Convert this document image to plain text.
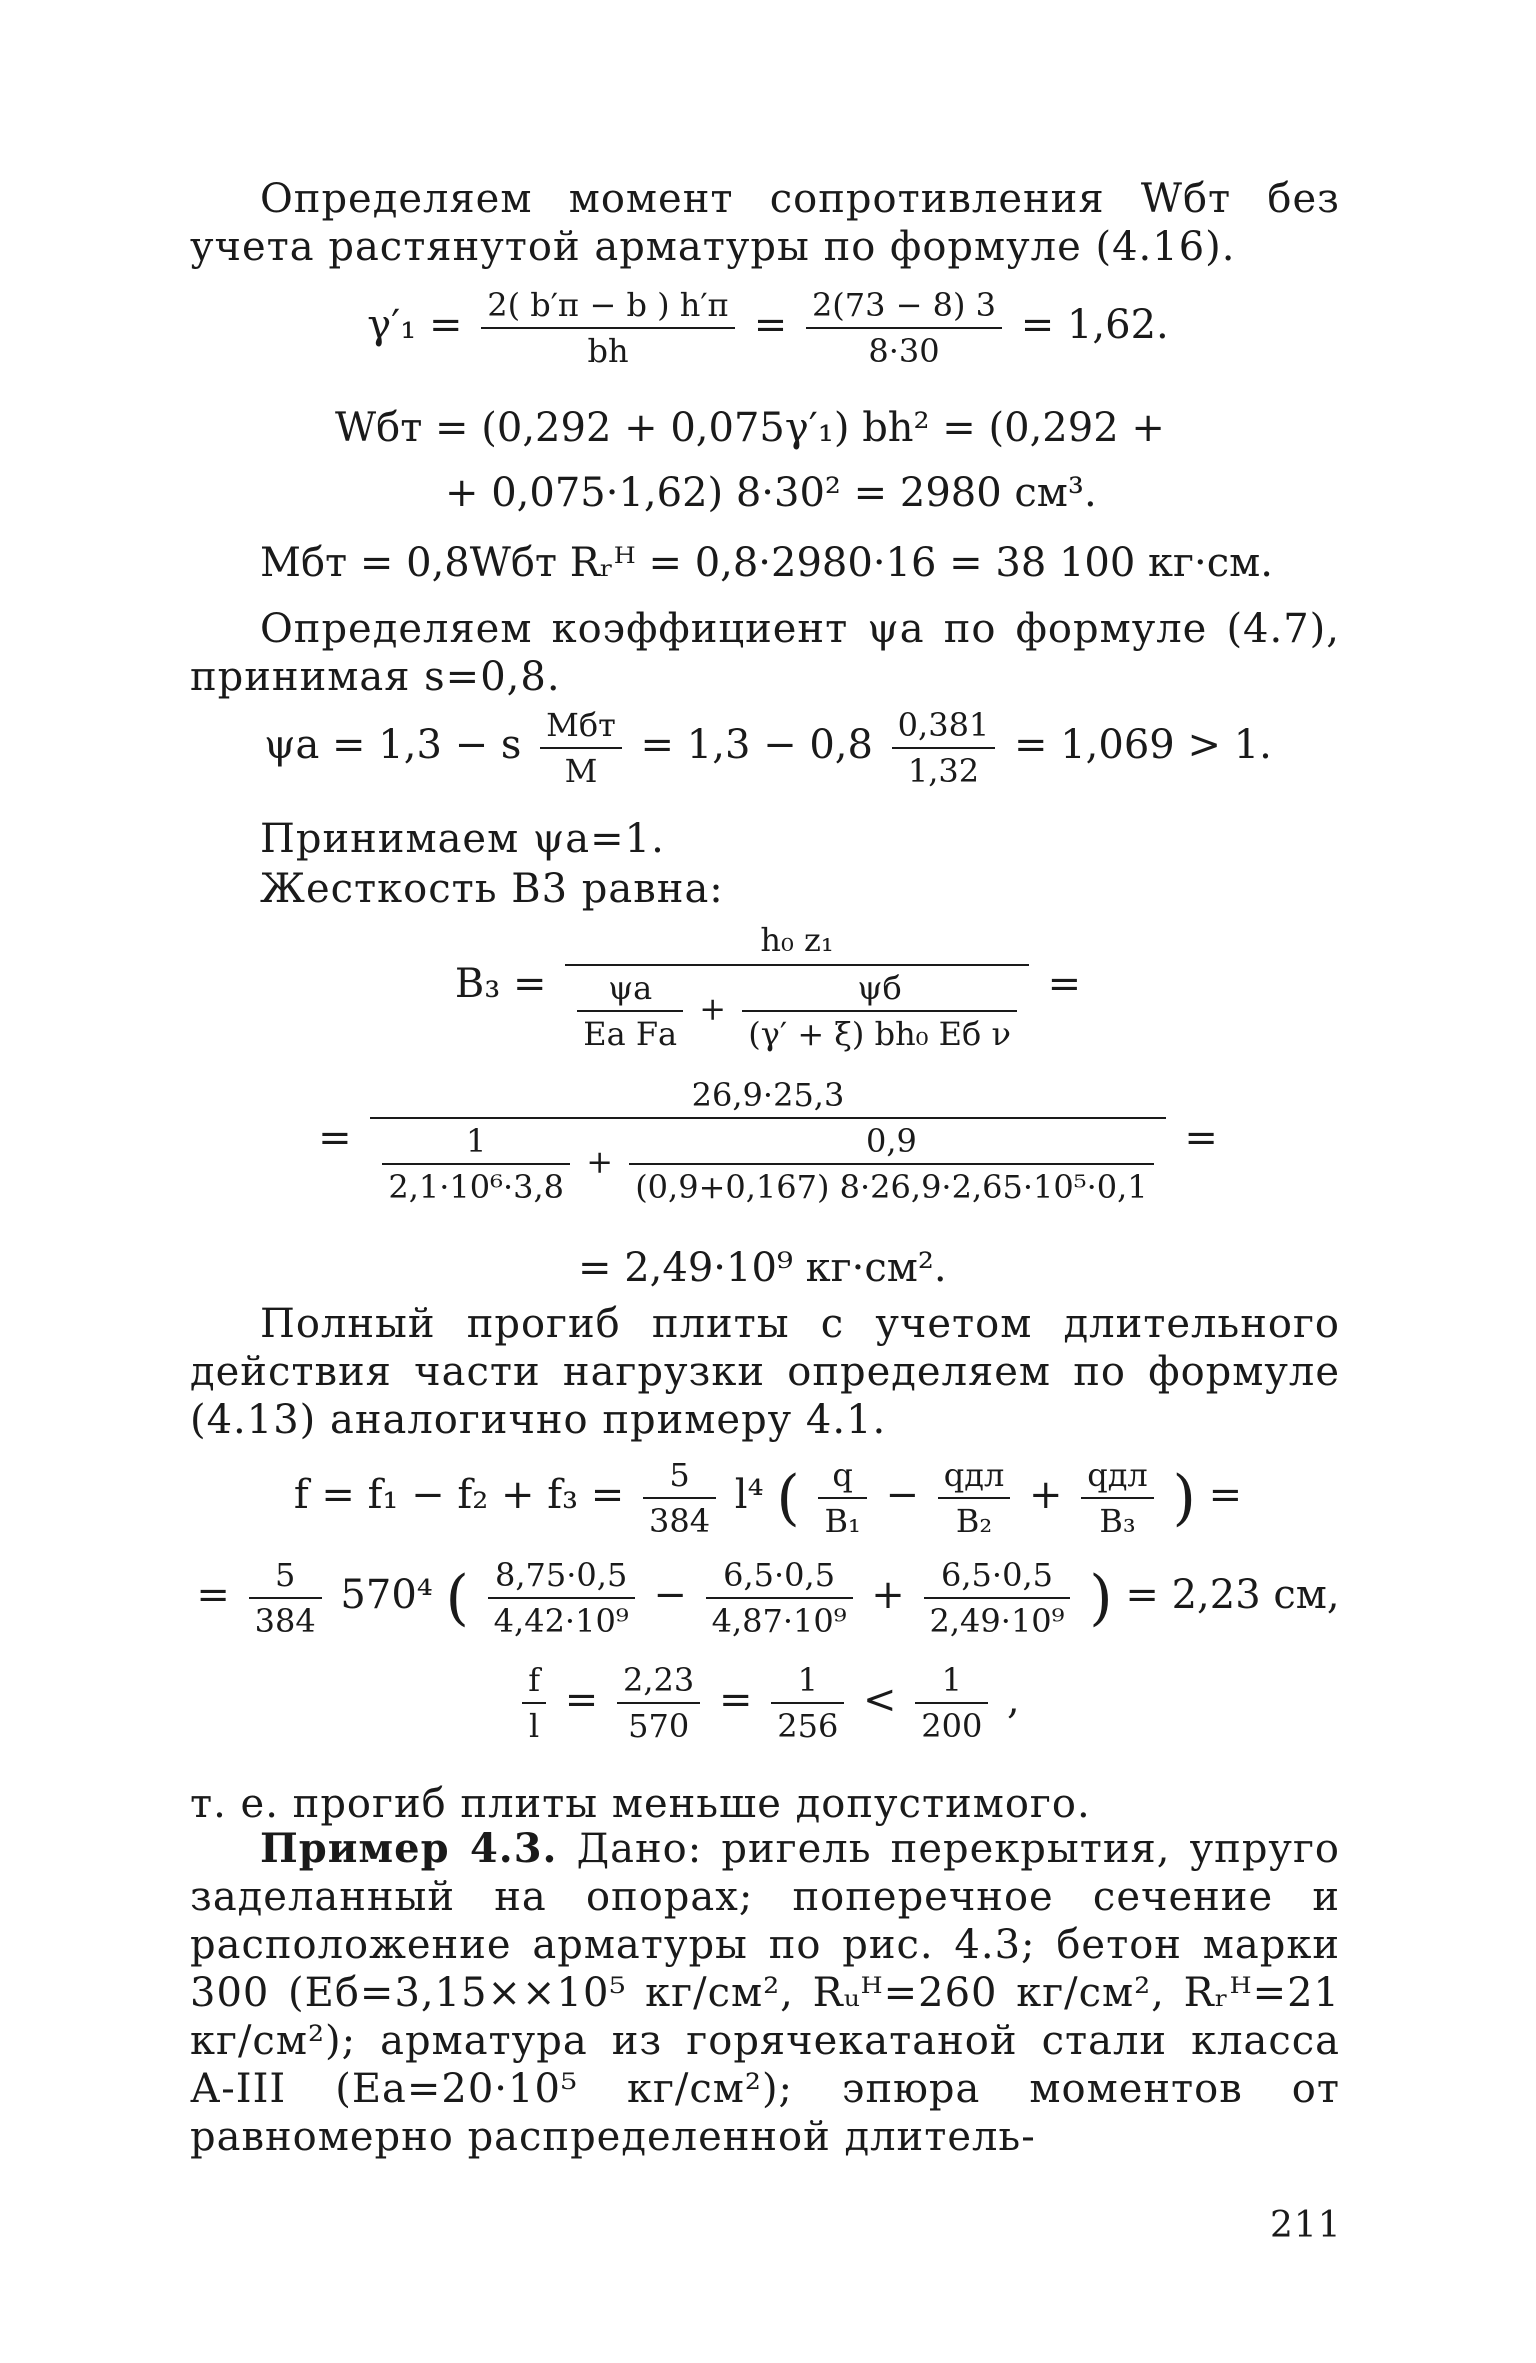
Определяем момент сопротивления Wбт без учета растянутой арматуры по формуле (4.16).
$\gamma'_1 = \frac{2( b'п - b ) h'п}{bh} = \frac{2(73 - 8) 3}{8\cdot 30} = 1,62$.
Wбт = (0,292 + 0,075γ′₁) bh² = (0,292 +
+ 0,075·1,62) 8·30² = 2980 см³.
Mбт = 0,8Wбт Rᵣᴴ = 0,8·2980·16 = 38 100 кг·см.
Определяем коэффициент ψа по формуле (4.7), принимая s=0,8.
ψа = 1,3 − s $\frac{\text{Mбт}}{M} = 1,3 - 0,8 \frac{0,381}{1,32} = 1,069 > 1$.
Принимаем ψа=1.
Жесткость B3 равна:
B₃ =
h₀ z₁
$\frac{\psi а}{\text{Eа Fа}} + \frac{\psi б}{\text{(γ′ + ξ) bh₀ Eб ν}}$ =
=
26,9·25,3
$\frac{1}{\text{2,1·10⁶·3,8}} + \frac{0,9}{\text{(0,9+0,167) 8·26,9·2,65·10⁵·0,1}}$ =
= 2,49·10⁹ кг·см².
Полный прогиб плиты с учетом длительного действия части нагрузки определяем по формуле (4.13) аналогично примеру 4.1.
$f = f_1 - f_2 + f_3 = \frac{5}{384} l^4$ ( $\frac{q}{\text{B₁}} - \frac{\text{qдл}}{\text{B₂}} + \frac{\text{qдл}}{\text{B₃}}$ ) =
= $\frac{5}{384} 570^4$ ( $\frac{8,75\cdot 0,5}{\text{4,42·10⁹}} - \frac{6,5\cdot 0,5}{\text{4,87·10⁹}} + \frac{6,5\cdot 0,5}{\text{2,49·10⁹}}$ ) = 2,23 см,
$\frac{f}{l} = \frac{2,23}{570} = \frac{1}{256} < \frac{1}{200}$ ,
т. е. прогиб плиты меньше допустимого.
Пример 4.3. Дано: ригель перекрытия, упруго заделанный на опорах; поперечное сечение и расположение арматуры по рис. 4.3; бетон марки 300 (Eб=3,15××10⁵ кг/см², Rᵤᴴ=260 кг/см², Rᵣᴴ=21 кг/см²); арматура из горячекатаной стали класса А-III (Eа=20·10⁵ кг/см²); эпюра моментов от равномерно распределенной длитель-
211
